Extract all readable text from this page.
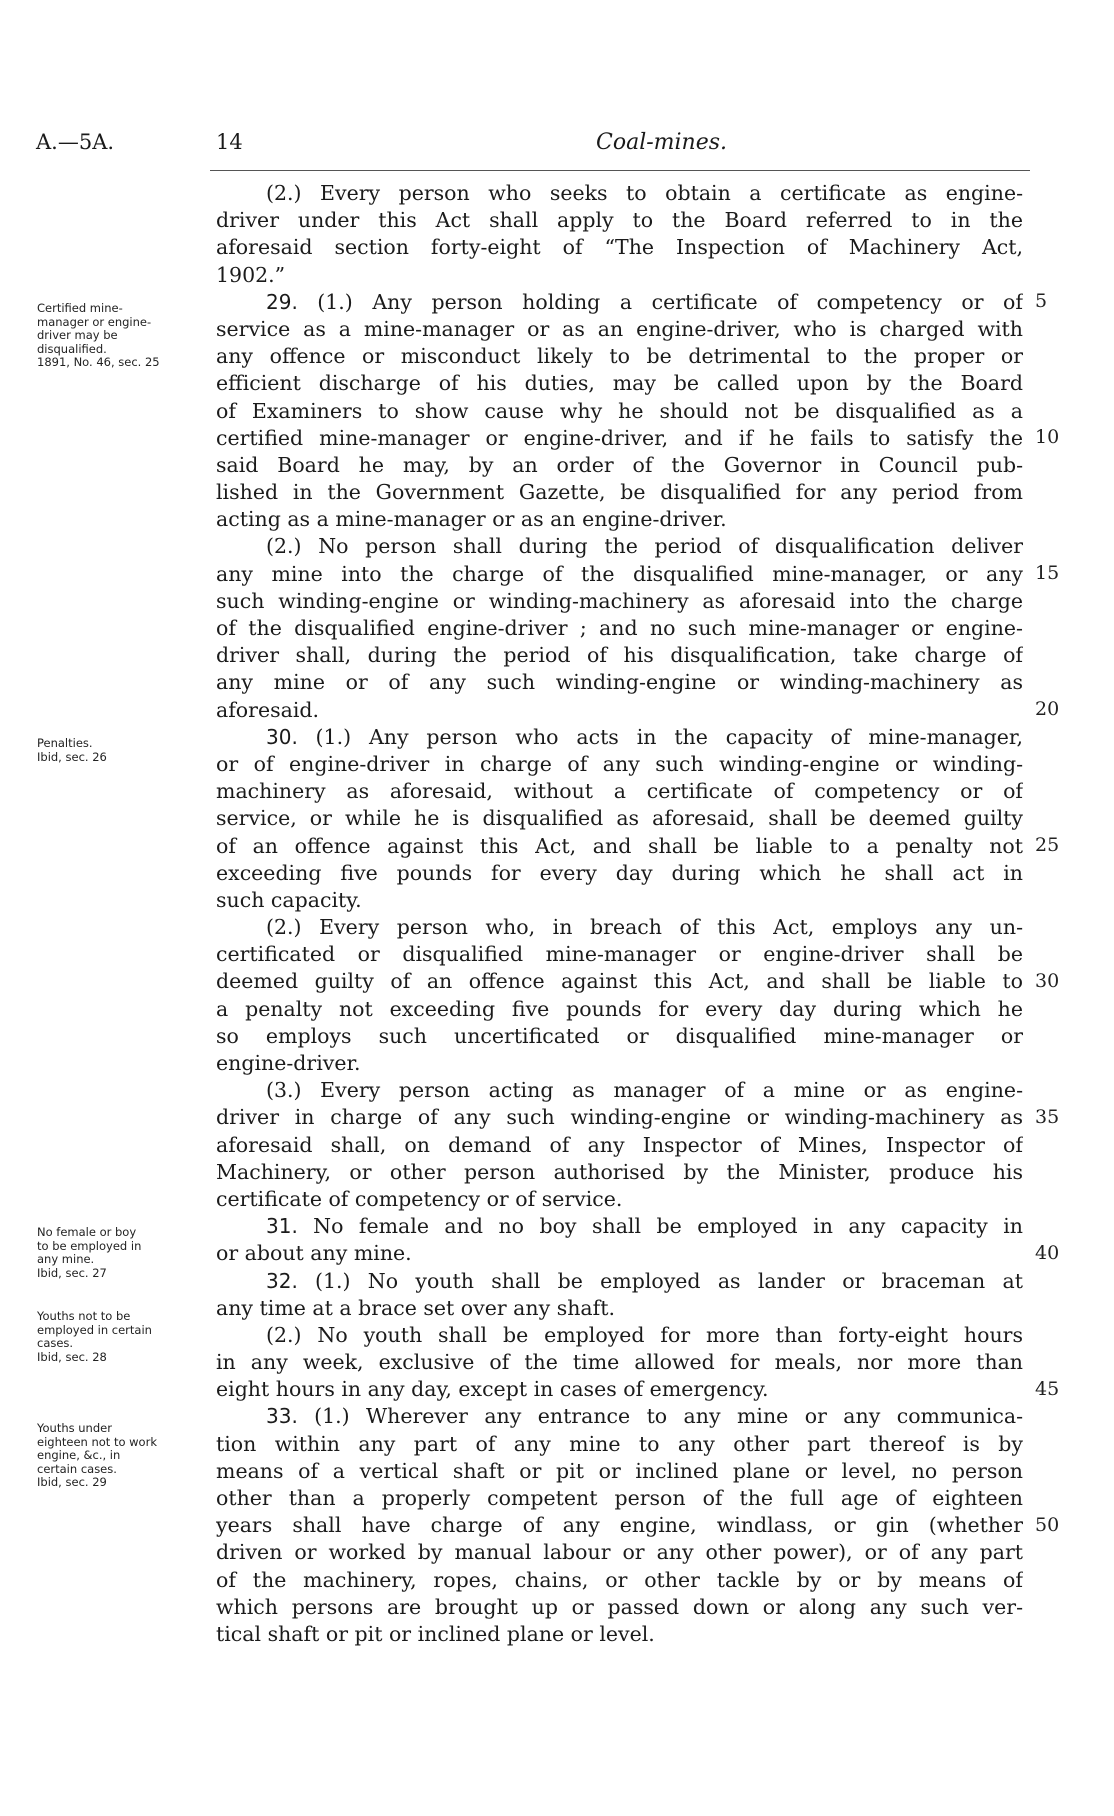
A.—5A.	14	Coal-mines.
Certified mine-
manager or engine-
driver may be
disqualified.
1891, No. 46, sec. 25
Penalties.
Ibid, sec. 26
No female or boy
to be employed in
any mine.
Ibid, sec. 27
Youths not to be
employed in certain
cases.
Ibid, sec. 28
Youths under
eighteen not to work
engine, &c., in
certain cases.
Ibid, sec. 29
5
10
15
20
25
30
35
40
45
50
(2.) Every person who seeks to obtain a certificate as engine-
driver under this Act shall apply to the Board referred to in the
aforesaid section forty-eight of “The Inspection of Machinery Act,
1902.”
29. (1.) Any person holding a certificate of competency or of
service as a mine-manager or as an engine-driver, who is charged with
any offence or misconduct likely to be detrimental to the proper or
efficient discharge of his duties, may be called upon by the Board
of Examiners to show cause why he should not be disqualified as a
certified mine-manager or engine-driver, and if he fails to satisfy the
said Board he may, by an order of the Governor in Council pub-
lished in the Government Gazette, be disqualified for any period from
acting as a mine-manager or as an engine-driver.
(2.) No person shall during the period of disqualification deliver
any mine into the charge of the disqualified mine-manager, or any
such winding-engine or winding-machinery as aforesaid into the charge
of the disqualified engine-driver ; and no such mine-manager or engine-
driver shall, during the period of his disqualification, take charge of
any mine or of any such winding-engine or winding-machinery as
aforesaid.
30. (1.) Any person who acts in the capacity of mine-manager,
or of engine-driver in charge of any such winding-engine or winding-
machinery as aforesaid, without a certificate of competency or of
service, or while he is disqualified as aforesaid, shall be deemed guilty
of an offence against this Act, and shall be liable to a penalty not
exceeding five pounds for every day during which he shall act in
such capacity.
(2.) Every person who, in breach of this Act, employs any un-
certificated or disqualified mine-manager or engine-driver shall be
deemed guilty of an offence against this Act, and shall be liable to
a penalty not exceeding five pounds for every day during which he
so employs such uncertificated or disqualified mine-manager or
engine-driver.
(3.) Every person acting as manager of a mine or as engine-
driver in charge of any such winding-engine or winding-machinery as
aforesaid shall, on demand of any Inspector of Mines, Inspector of
Machinery, or other person authorised by the Minister, produce his
certificate of competency or of service.
31. No female and no boy shall be employed in any capacity in
or about any mine.
32. (1.) No youth shall be employed as lander or braceman at
any time at a brace set over any shaft.
(2.) No youth shall be employed for more than forty-eight hours
in any week, exclusive of the time allowed for meals, nor more than
eight hours in any day, except in cases of emergency.
33. (1.) Wherever any entrance to any mine or any communica-
tion within any part of any mine to any other part thereof is by
means of a vertical shaft or pit or inclined plane or level, no person
other than a properly competent person of the full age of eighteen
years shall have charge of any engine, windlass, or gin (whether
driven or worked by manual labour or any other power), or of any part
of the machinery, ropes, chains, or other tackle by or by means of
which persons are brought up or passed down or along any such ver-
tical shaft or pit or inclined plane or level.
